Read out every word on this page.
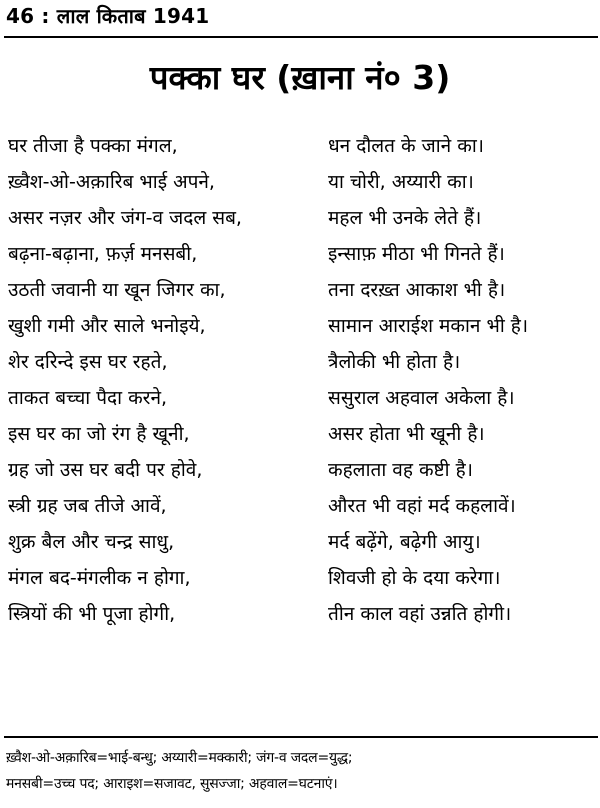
46 : लाल किताब 1941
पक्का घर (ख़ाना नं० 3)
घर तीजा है पक्का मंगल,	धन दौलत के जाने का।
ख़्वैश-ओ-अक़ारिब भाई अपने,	या चोरी, अय्यारी का।
असर नज़र और जंग-व जदल सब,	महल भी उनके लेते हैं।
बढ़ना-बढ़ाना, फ़र्ज़ मनसबी,	इन्साफ़ मीठा भी गिनते हैं।
उठती जवानी या खून जिगर का,	तना दरख़्त आकाश भी है।
खुशी गमी और साले भनोइये,	सामान आराईश मकान भी है।
शेर दरिन्दे इस घर रहते,	त्रैलोकी भी होता है।
ताकत बच्चा पैदा करने,	ससुराल अहवाल अकेला है।
इस घर का जो रंग है खूनी,	असर होता भी खूनी है।
ग्रह जो उस घर बदी पर होवे,	कहलाता वह कष्टी है।
स्त्री ग्रह जब तीजे आवें,	औरत भी वहां मर्द कहलावें।
शुक्र बैल और चन्द्र साधु,	मर्द बढ़ेंगे, बढ़ेगी आयु।
मंगल बद-मंगलीक न होगा,	शिवजी हो के दया करेगा।
स्त्रियों की भी पूजा होगी,	तीन काल वहां उन्नति होगी।
ख़्वैश-ओ-अक़ारिब=भाई-बन्धु; अय्यारी=मक्कारी; जंग-व जदल=युद्ध;
मनसबी=उच्च पद; आराइश=सजावट, सुसज्जा; अहवाल=घटनाएं।
